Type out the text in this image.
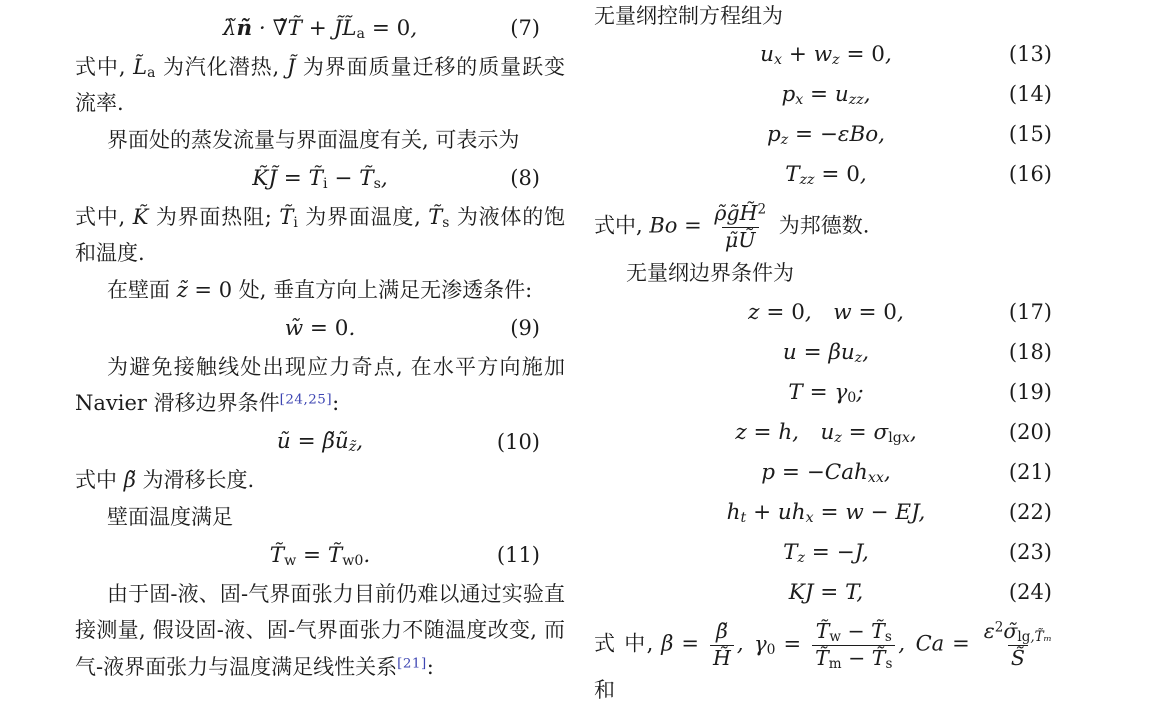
λ̃ñ · ∇̃T̃ + $J̃L̃_a = 0$,	(7)
式中, $L̃_a$ 为汽化潜热, J̃ 为界面质量迁移的质量跃变流率.
界面处的蒸发流量与界面温度有关, 可表示为
K̃J̃ = $T̃_i$ − $T̃_s$,	(8)
式中, K̃ 为界面热阻; $T̃_i$ 为界面温度, $T̃_s$ 为液体的饱和温度.
在壁面 z̃ = 0 处, 垂直方向上满足无渗透条件:
w̃ = 0.	(9)
为避免接触线处出现应力奇点, 在水平方向施加 Navier 滑移边界条件[24,25]:
ũ = $\betãũ_{z̃}$,	(10)
式中 β̃ 为滑移长度.
壁面温度满足
$T̃_w$ = $T̃_{w0}$.	(11)
由于固-液、固-气界面张力目前仍难以通过实验直接测量, 假设固-液、固-气界面张力不随温度改变, 而气-液界面张力与温度满足线性关系[21]:
无量纲控制方程组为
$u_x + w_z = 0$,	(13)
$p_x = u_{zz}$,	(14)
$p_z = -\varepsilon Bo$,	(15)
$T_{zz} = 0$,	(16)
式中, $Bo = \frac{\rhõg̃H̃^2}{\mũŨ}$ 为邦德数.
无量纲边界条件为
z = 0, w = 0,	(17)
$u = \beta u_z$,	(18)
$T = \gamma_0$;	(19)
z = h, $u_z = \sigma_{lgx}$,	(20)
p = −Cah$_{xx}$,	(21)
$h_t + uh_x = w$ − EJ,	(22)
$T_z = -J$,	(23)
KJ = T,	(24)
式 中, $\beta = \frac{\betã}{H̃}$ , $\gamma_0 = \frac{T̃_w - T̃_s}{T̃_m - T̃_s}$ , $Ca = \frac{\varepsilon^2\sigmã_{lg,T̃_m}}{S̃}$
和
